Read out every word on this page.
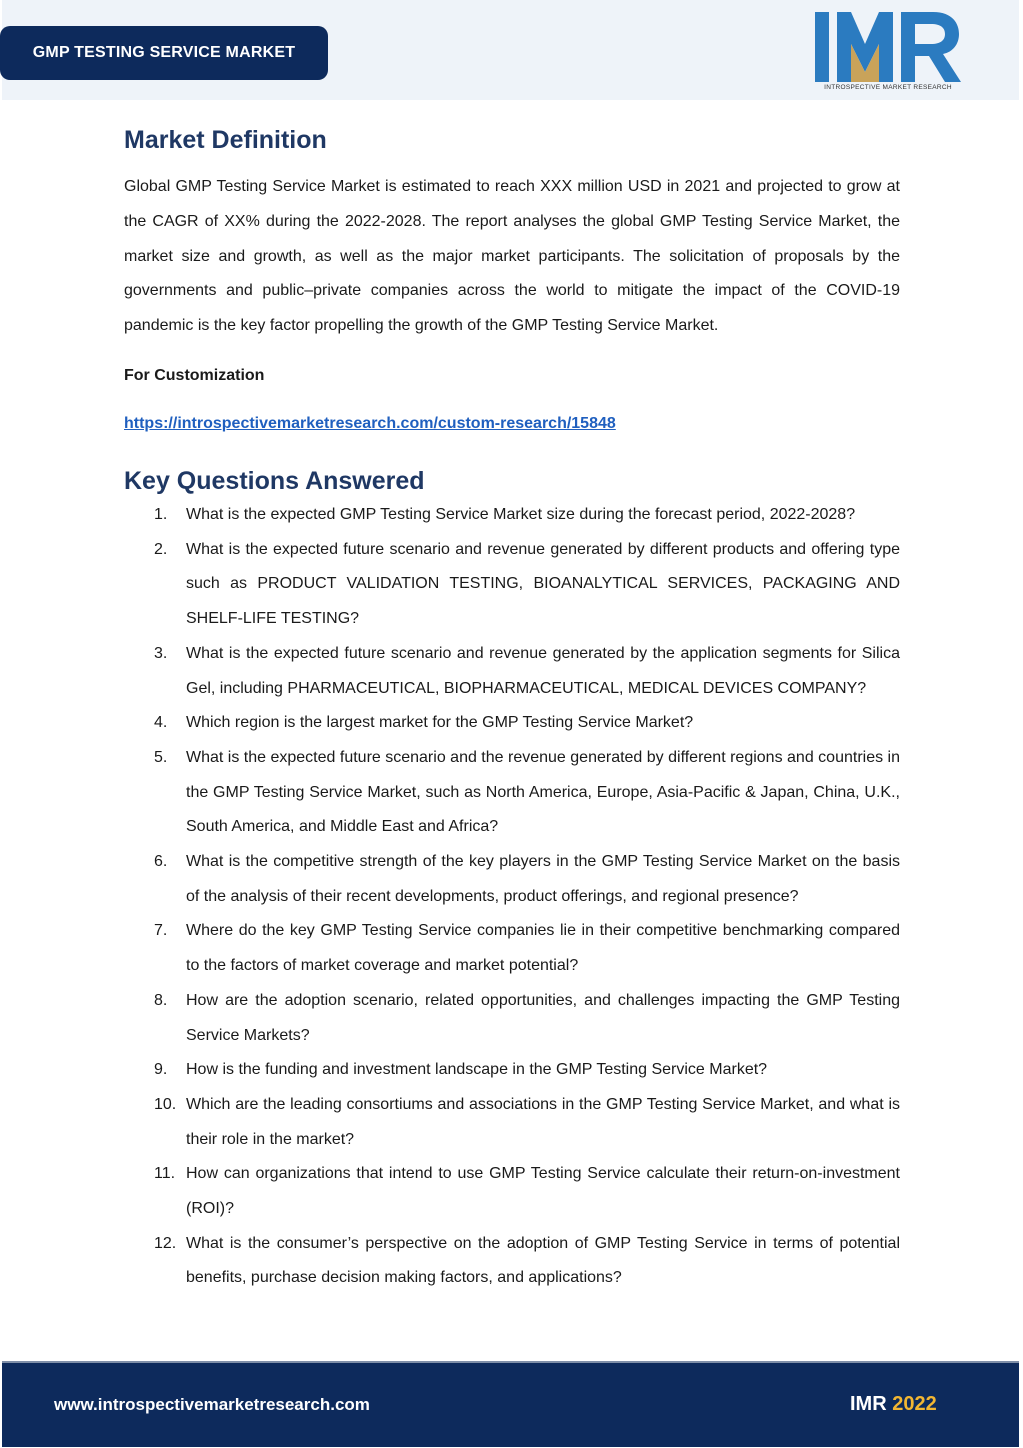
GMP TESTING SERVICE MARKET
INTROSPECTIVE MARKET RESEARCH
Market Definition

Global GMP Testing Service Market is estimated to reach XXX million USD in 2021 and projected to grow at the CAGR of XX% during the 2022-2028. The report analyses the global GMP Testing Service Market, the market size and growth, as well as the major market participants. The solicitation of proposals by the governments and public–private companies across the world to mitigate the impact of the COVID-19 pandemic is the key factor propelling the growth of the GMP Testing Service Market.

For Customization
https://introspectivemarketresearch.com/custom-research/15848
Key Questions Answered
1.	What is the expected GMP Testing Service Market size during the forecast period, 2022-2028?
2.	What is the expected future scenario and revenue generated by different products and offering type such as PRODUCT VALIDATION TESTING, BIOANALYTICAL SERVICES, PACKAGING AND SHELF-LIFE TESTING?
3.	What is the expected future scenario and revenue generated by the application segments for Silica Gel, including PHARMACEUTICAL, BIOPHARMACEUTICAL, MEDICAL DEVICES COMPANY?
4.	Which region is the largest market for the GMP Testing Service Market?
5.	What is the expected future scenario and the revenue generated by different regions and countries in the GMP Testing Service Market, such as North America, Europe, Asia-Pacific & Japan, China, U.K., South America, and Middle East and Africa?
6.	What is the competitive strength of the key players in the GMP Testing Service Market on the basis of the analysis of their recent developments, product offerings, and regional presence?
7.	Where do the key GMP Testing Service companies lie in their competitive benchmarking compared to the factors of market coverage and market potential?
8.	How are the adoption scenario, related opportunities, and challenges impacting the GMP Testing Service Markets?
9.	How is the funding and investment landscape in the GMP Testing Service Market?
10. Which are the leading consortiums and associations in the GMP Testing Service Market, and what is their role in the market?
11. How can organizations that intend to use GMP Testing Service calculate their return-on-investment (ROI)?
12. What is the consumer’s perspective on the adoption of GMP Testing Service in terms of potential benefits, purchase decision making factors, and applications?
www.introspectivemarketresearch.com	IMR 2022
